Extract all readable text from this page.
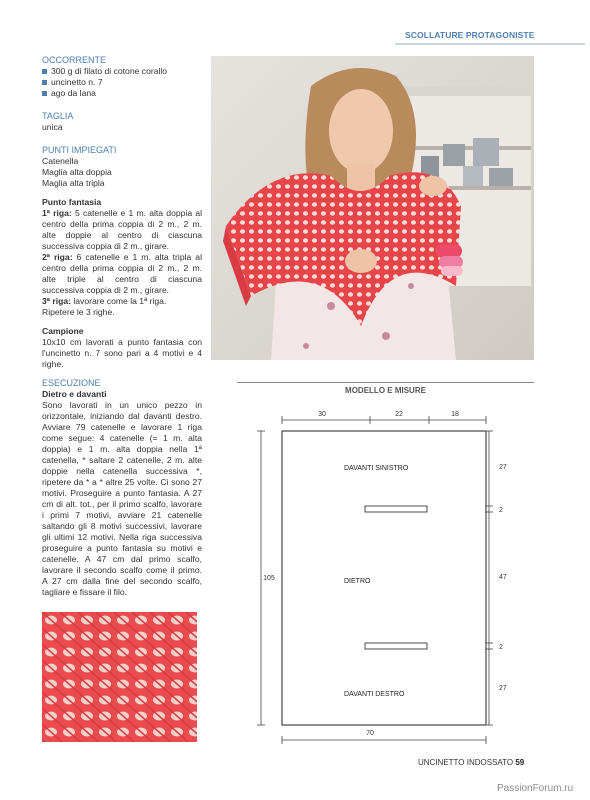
SCOLLATURE PROTAGONISTE

OCCORRENTE

300 g di filato di cotone corallo
uncinetto n. 7
ago da lana

TAGLIA

unica

PUNTI IMPIEGATI

Catenella

Maglia alta doppia

Maglia alta tripla

Punto fantasia

1ª riga: 5 catenelle e 1 m. alta doppia al centro della prima coppia di 2 m., 2 m. alte doppie al centro di ciascuna successiva coppia di 2 m., girare.

2ª riga: 6 catenelle e 1 m. alta tripla al centro della prima coppia di 2 m., 2 m. alte triple al centro di ciascuna successiva coppia di 2 m., girare.

3ª riga: lavorare come la 1ª riga.

Ripetere le 3 righe.

Campione

10x10 cm lavorati a punto fantasia con l'uncinetto n. 7 sono pari a 4 motivi e 4 righe.

ESECUZIONE

Dietro e davanti

Sono lavorati in un unico pezzo in orizzontale, iniziando dal davanti destro. Avviare 79 catenelle e lavorare 1 riga come segue: 4 catenelle (= 1 m. alta doppia) e 1 m. alta doppia nella 1ª catenella, * saltare 2 catenelle, 2 m. alte doppie nella catenella successiva *, ripetere da * a * altre 25 volte. Ci sono 27 motivi. Proseguire a punto fantasia. A 27 cm di alt. tot., per il primo scalfo, lavorare i primi 7 motivi, avviare 21 catenelle saltando gli 8 motivi successivi, lavorare gli ultimi 12 motivi. Nella riga successiva proseguire a punto fantasia su motivi e catenelle. A 47 cm dal primo scalfo, lavorare il secondo scalfo come il primo. A 27 cm dalla fine del secondo scalfo, tagliare e fissare il filo.

MODELLO E MISURE
30	22	18
DAVANTI SINISTRO
DIETRO
DAVANTI DESTRO
105
27
2
47
2
27
70
UNCINETTO INDOSSATO 59
PassionForum.ru
